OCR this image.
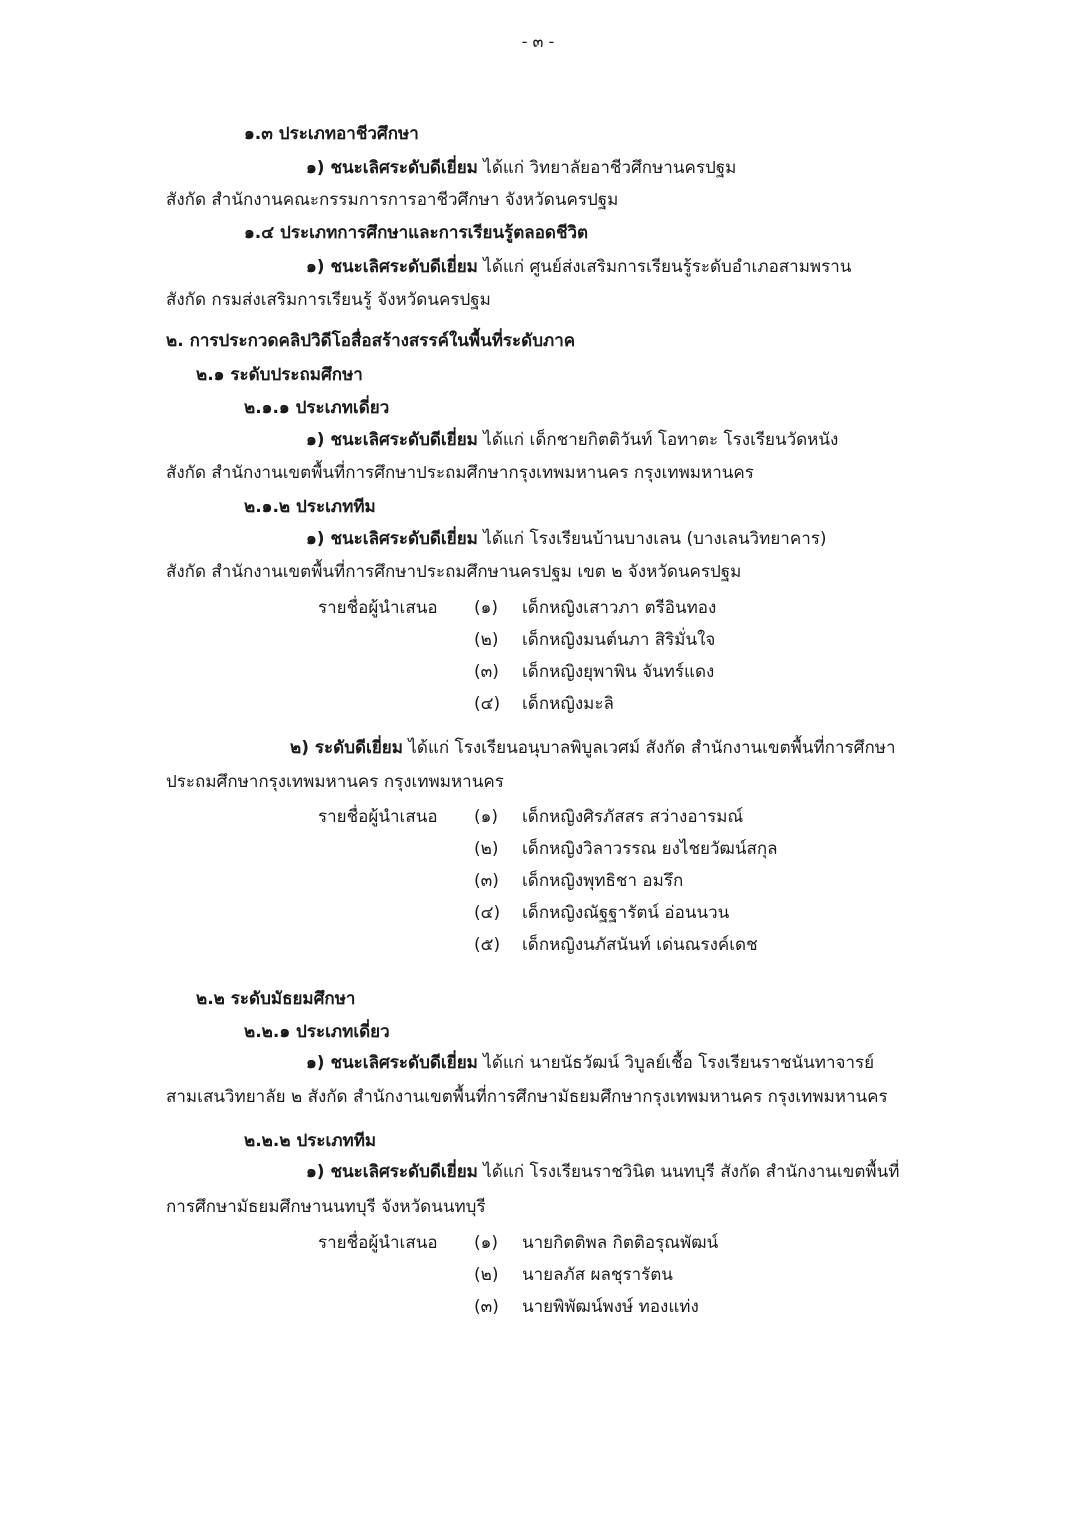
- ๓ -
๑.๓ ประเภทอาชีวศึกษา
๑) ชนะเลิศระดับดีเยี่ยม ได้แก่ วิทยาลัยอาชีวศึกษานครปฐม
สังกัด สำนักงานคณะกรรมการการอาชีวศึกษา จังหวัดนครปฐม
๑.๔ ประเภทการศึกษาและการเรียนรู้ตลอดชีวิต
๑) ชนะเลิศระดับดีเยี่ยม ได้แก่ ศูนย์ส่งเสริมการเรียนรู้ระดับอำเภอสามพราน
สังกัด กรมส่งเสริมการเรียนรู้ จังหวัดนครปฐม
๒. การประกวดคลิปวิดีโอสื่อสร้างสรรค์ในพื้นที่ระดับภาค
๒.๑ ระดับประถมศึกษา
๒.๑.๑ ประเภทเดี่ยว
๑) ชนะเลิศระดับดีเยี่ยม ได้แก่ เด็กชายกิตติวันท์ โอทาตะ โรงเรียนวัดหนัง
สังกัด สำนักงานเขตพื้นที่การศึกษาประถมศึกษากรุงเทพมหานคร กรุงเทพมหานคร
๒.๑.๒ ประเภททีม
๑) ชนะเลิศระดับดีเยี่ยม ได้แก่ โรงเรียนบ้านบางเลน (บางเลนวิทยาคาร)
สังกัด สำนักงานเขตพื้นที่การศึกษาประถมศึกษานครปฐม เขต ๒ จังหวัดนครปฐม
รายชื่อผู้นำเสนอ (๑) เด็กหญิงเสาวภา ตรีอินทอง
(๒) เด็กหญิงมนต์นภา สิริมั่นใจ
(๓) เด็กหญิงยุพาพิน จันทร์แดง
(๔) เด็กหญิงมะลิ
๒) ระดับดีเยี่ยม ได้แก่ โรงเรียนอนุบาลพิบูลเวศม์ สังกัด สำนักงานเขตพื้นที่การศึกษา
ประถมศึกษากรุงเทพมหานคร กรุงเทพมหานคร
รายชื่อผู้นำเสนอ (๑) เด็กหญิงศิรภัสสร สว่างอารมณ์
(๒) เด็กหญิงวิลาวรรณ ยงไชยวัฒน์สกุล
(๓) เด็กหญิงพุทธิชา อมรึก
(๔) เด็กหญิงณัฐฐารัตน์ อ่อนนวน
(๕) เด็กหญิงนภัสนันท์ เด่นณรงค์เดช
๒.๒ ระดับมัธยมศึกษา
๒.๒.๑ ประเภทเดี่ยว
๑) ชนะเลิศระดับดีเยี่ยม ได้แก่ นายนัธวัฒน์ วิบูลย์เชื้อ โรงเรียนราชนันทาจารย์
สามเสนวิทยาลัย ๒ สังกัด สำนักงานเขตพื้นที่การศึกษามัธยมศึกษากรุงเทพมหานคร กรุงเทพมหานคร
๒.๒.๒ ประเภททีม
๑) ชนะเลิศระดับดีเยี่ยม ได้แก่ โรงเรียนราชวินิต นนทบุรี สังกัด สำนักงานเขตพื้นที่
การศึกษามัธยมศึกษานนทบุรี จังหวัดนนทบุรี
รายชื่อผู้นำเสนอ (๑) นายกิตติพล กิตติอรุณพัฒน์
(๒) นายลภัส ผลชุรารัตน
(๓) นายพิพัฒน์พงษ์ ทองแท่ง
